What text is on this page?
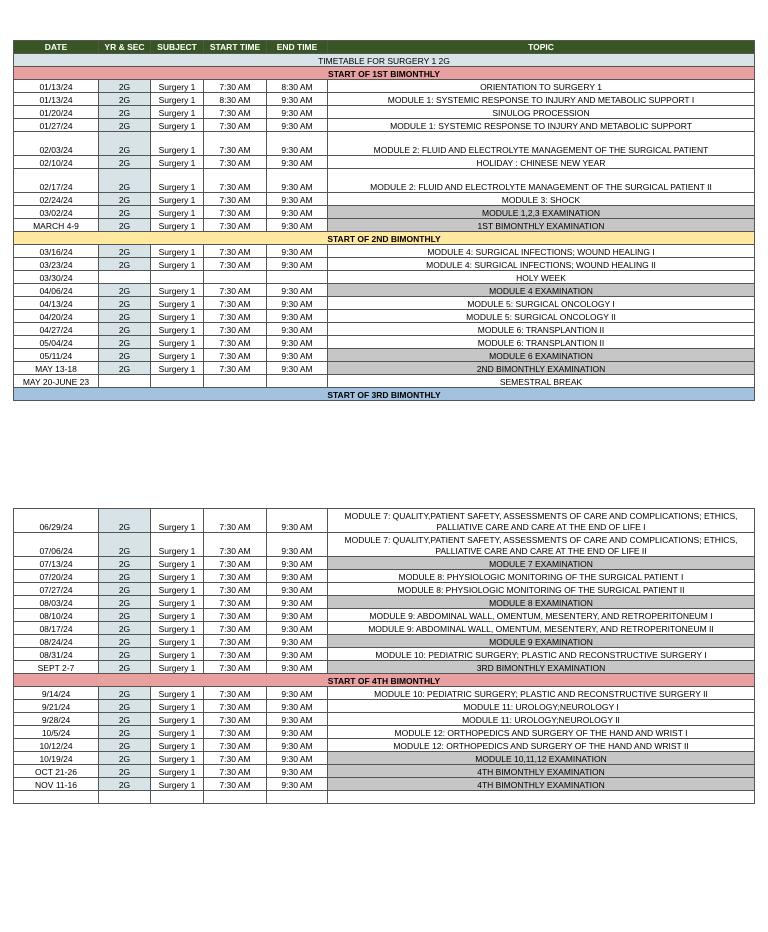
DATE	YR & SEC	SUBJECT	START TIME	END TIME	TOPIC
TIMETABLE FOR SURGERY 1 2G					
START OF 1ST BIMONTHLY					
01/13/24	2G	Surgery 1	7:30 AM	8:30 AM	ORIENTATION TO SURGERY 1
01/13/24	2G	Surgery 1	8:30 AM	9:30 AM	MODULE 1: SYSTEMIC RESPONSE TO INJURY AND METABOLIC SUPPORT I
01/20/24	2G	Surgery 1	7:30 AM	9:30 AM	SINULOG PROCESSION
01/27/24	2G	Surgery 1	7:30 AM	9:30 AM	MODULE 1: SYSTEMIC RESPONSE TO INJURY AND METABOLIC SUPPORT
02/03/24	2G	Surgery 1	7:30 AM	9:30 AM	MODULE 2: FLUID AND ELECTROLYTE MANAGEMENT OF THE SURGICAL PATIENT
02/10/24	2G	Surgery 1	7:30 AM	9:30 AM	HOLIDAY : CHINESE NEW YEAR
02/17/24	2G	Surgery 1	7:30 AM	9:30 AM	MODULE 2: FLUID AND ELECTROLYTE MANAGEMENT OF THE SURGICAL PATIENT II
02/24/24	2G	Surgery 1	7:30 AM	9:30 AM	MODULE 3: SHOCK
03/02/24	2G	Surgery 1	7:30 AM	9:30 AM	MODULE 1,2,3 EXAMINATION
MARCH 4-9	2G	Surgery 1	7:30 AM	9:30 AM	1ST BIMONTHLY EXAMINATION
START OF 2ND BIMONTHLY					
03/16/24	2G	Surgery 1	7:30 AM	9:30 AM	MODULE 4: SURGICAL INFECTIONS; WOUND HEALING I
03/23/24	2G	Surgery 1	7:30 AM	9:30 AM	MODULE 4: SURGICAL INFECTIONS; WOUND HEALING II
03/30/24					HOLY WEEK
04/06/24	2G	Surgery 1	7:30 AM	9:30 AM	MODULE 4 EXAMINATION
04/13/24	2G	Surgery 1	7:30 AM	9:30 AM	MODULE 5: SURGICAL ONCOLOGY I
04/20/24	2G	Surgery 1	7:30 AM	9:30 AM	MODULE 5: SURGICAL ONCOLOGY II
04/27/24	2G	Surgery 1	7:30 AM	9:30 AM	MODULE 6: TRANSPLANTION II
05/04/24	2G	Surgery 1	7:30 AM	9:30 AM	MODULE 6: TRANSPLANTION II
05/11/24	2G	Surgery 1	7:30 AM	9:30 AM	MODULE 6 EXAMINATION
MAY 13-18	2G	Surgery 1	7:30 AM	9:30 AM	2ND BIMONTHLY EXAMINATION
MAY 20-JUNE 23					SEMESTRAL BREAK
START OF 3RD BIMONTHLY					
06/29/24	2G	Surgery 1	7:30 AM	9:30 AM	MODULE 7: QUALITY,PATIENT SAFETY, ASSESSMENTS OF CARE AND COMPLICATIONS; ETHICS, PALLIATIVE CARE AND CARE AT THE END OF LIFE I
07/06/24	2G	Surgery 1	7:30 AM	9:30 AM	MODULE 7: QUALITY,PATIENT SAFETY, ASSESSMENTS OF CARE AND COMPLICATIONS; ETHICS, PALLIATIVE CARE AND CARE AT THE END OF LIFE II
07/13/24	2G	Surgery 1	7:30 AM	9:30 AM	MODULE 7 EXAMINATION
07/20/24	2G	Surgery 1	7:30 AM	9:30 AM	MODULE 8: PHYSIOLOGIC MONITORING OF THE SURGICAL PATIENT I
07/27/24	2G	Surgery 1	7:30 AM	9:30 AM	MODULE 8: PHYSIOLOGIC MONITORING OF THE SURGICAL PATIENT II
08/03/24	2G	Surgery 1	7:30 AM	9:30 AM	MODULE 8 EXAMINATION
08/10/24	2G	Surgery 1	7:30 AM	9:30 AM	MODULE 9: ABDOMINAL WALL, OMENTUM, MESENTERY, AND RETROPERITONEUM I
08/17/24	2G	Surgery 1	7:30 AM	9:30 AM	MODULE 9: ABDOMINAL WALL, OMENTUM, MESENTERY, AND RETROPERITONEUM II
08/24/24	2G	Surgery 1	7:30 AM	9:30 AM	MODULE 9 EXAMINATION
08/31/24	2G	Surgery 1	7:30 AM	9:30 AM	MODULE 10: PEDIATRIC SURGERY; PLASTIC AND RECONSTRUCTIVE SURGERY I
SEPT 2-7	2G	Surgery 1	7:30 AM	9:30 AM	3RD BIMONTHLY EXAMINATION
START OF 4TH BIMONTHLY					
9/14/24	2G	Surgery 1	7:30 AM	9:30 AM	MODULE 10: PEDIATRIC SURGERY; PLASTIC AND RECONSTRUCTIVE SURGERY II
9/21/24	2G	Surgery 1	7:30 AM	9:30 AM	MODULE 11: UROLOGY;NEUROLOGY I
9/28/24	2G	Surgery 1	7:30 AM	9:30 AM	MODULE 11: UROLOGY;NEUROLOGY II
10/5/24	2G	Surgery 1	7:30 AM	9:30 AM	MODULE 12: ORTHOPEDICS AND SURGERY OF THE HAND AND WRIST I
10/12/24	2G	Surgery 1	7:30 AM	9:30 AM	MODULE 12: ORTHOPEDICS AND SURGERY OF THE HAND AND WRIST II
10/19/24	2G	Surgery 1	7:30 AM	9:30 AM	MODULE 10,11,12 EXAMINATION
OCT 21-26	2G	Surgery 1	7:30 AM	9:30 AM	4TH BIMONTHLY EXAMINATION
NOV 11-16	2G	Surgery 1	7:30 AM	9:30 AM	4TH BIMONTHLY EXAMINATION
